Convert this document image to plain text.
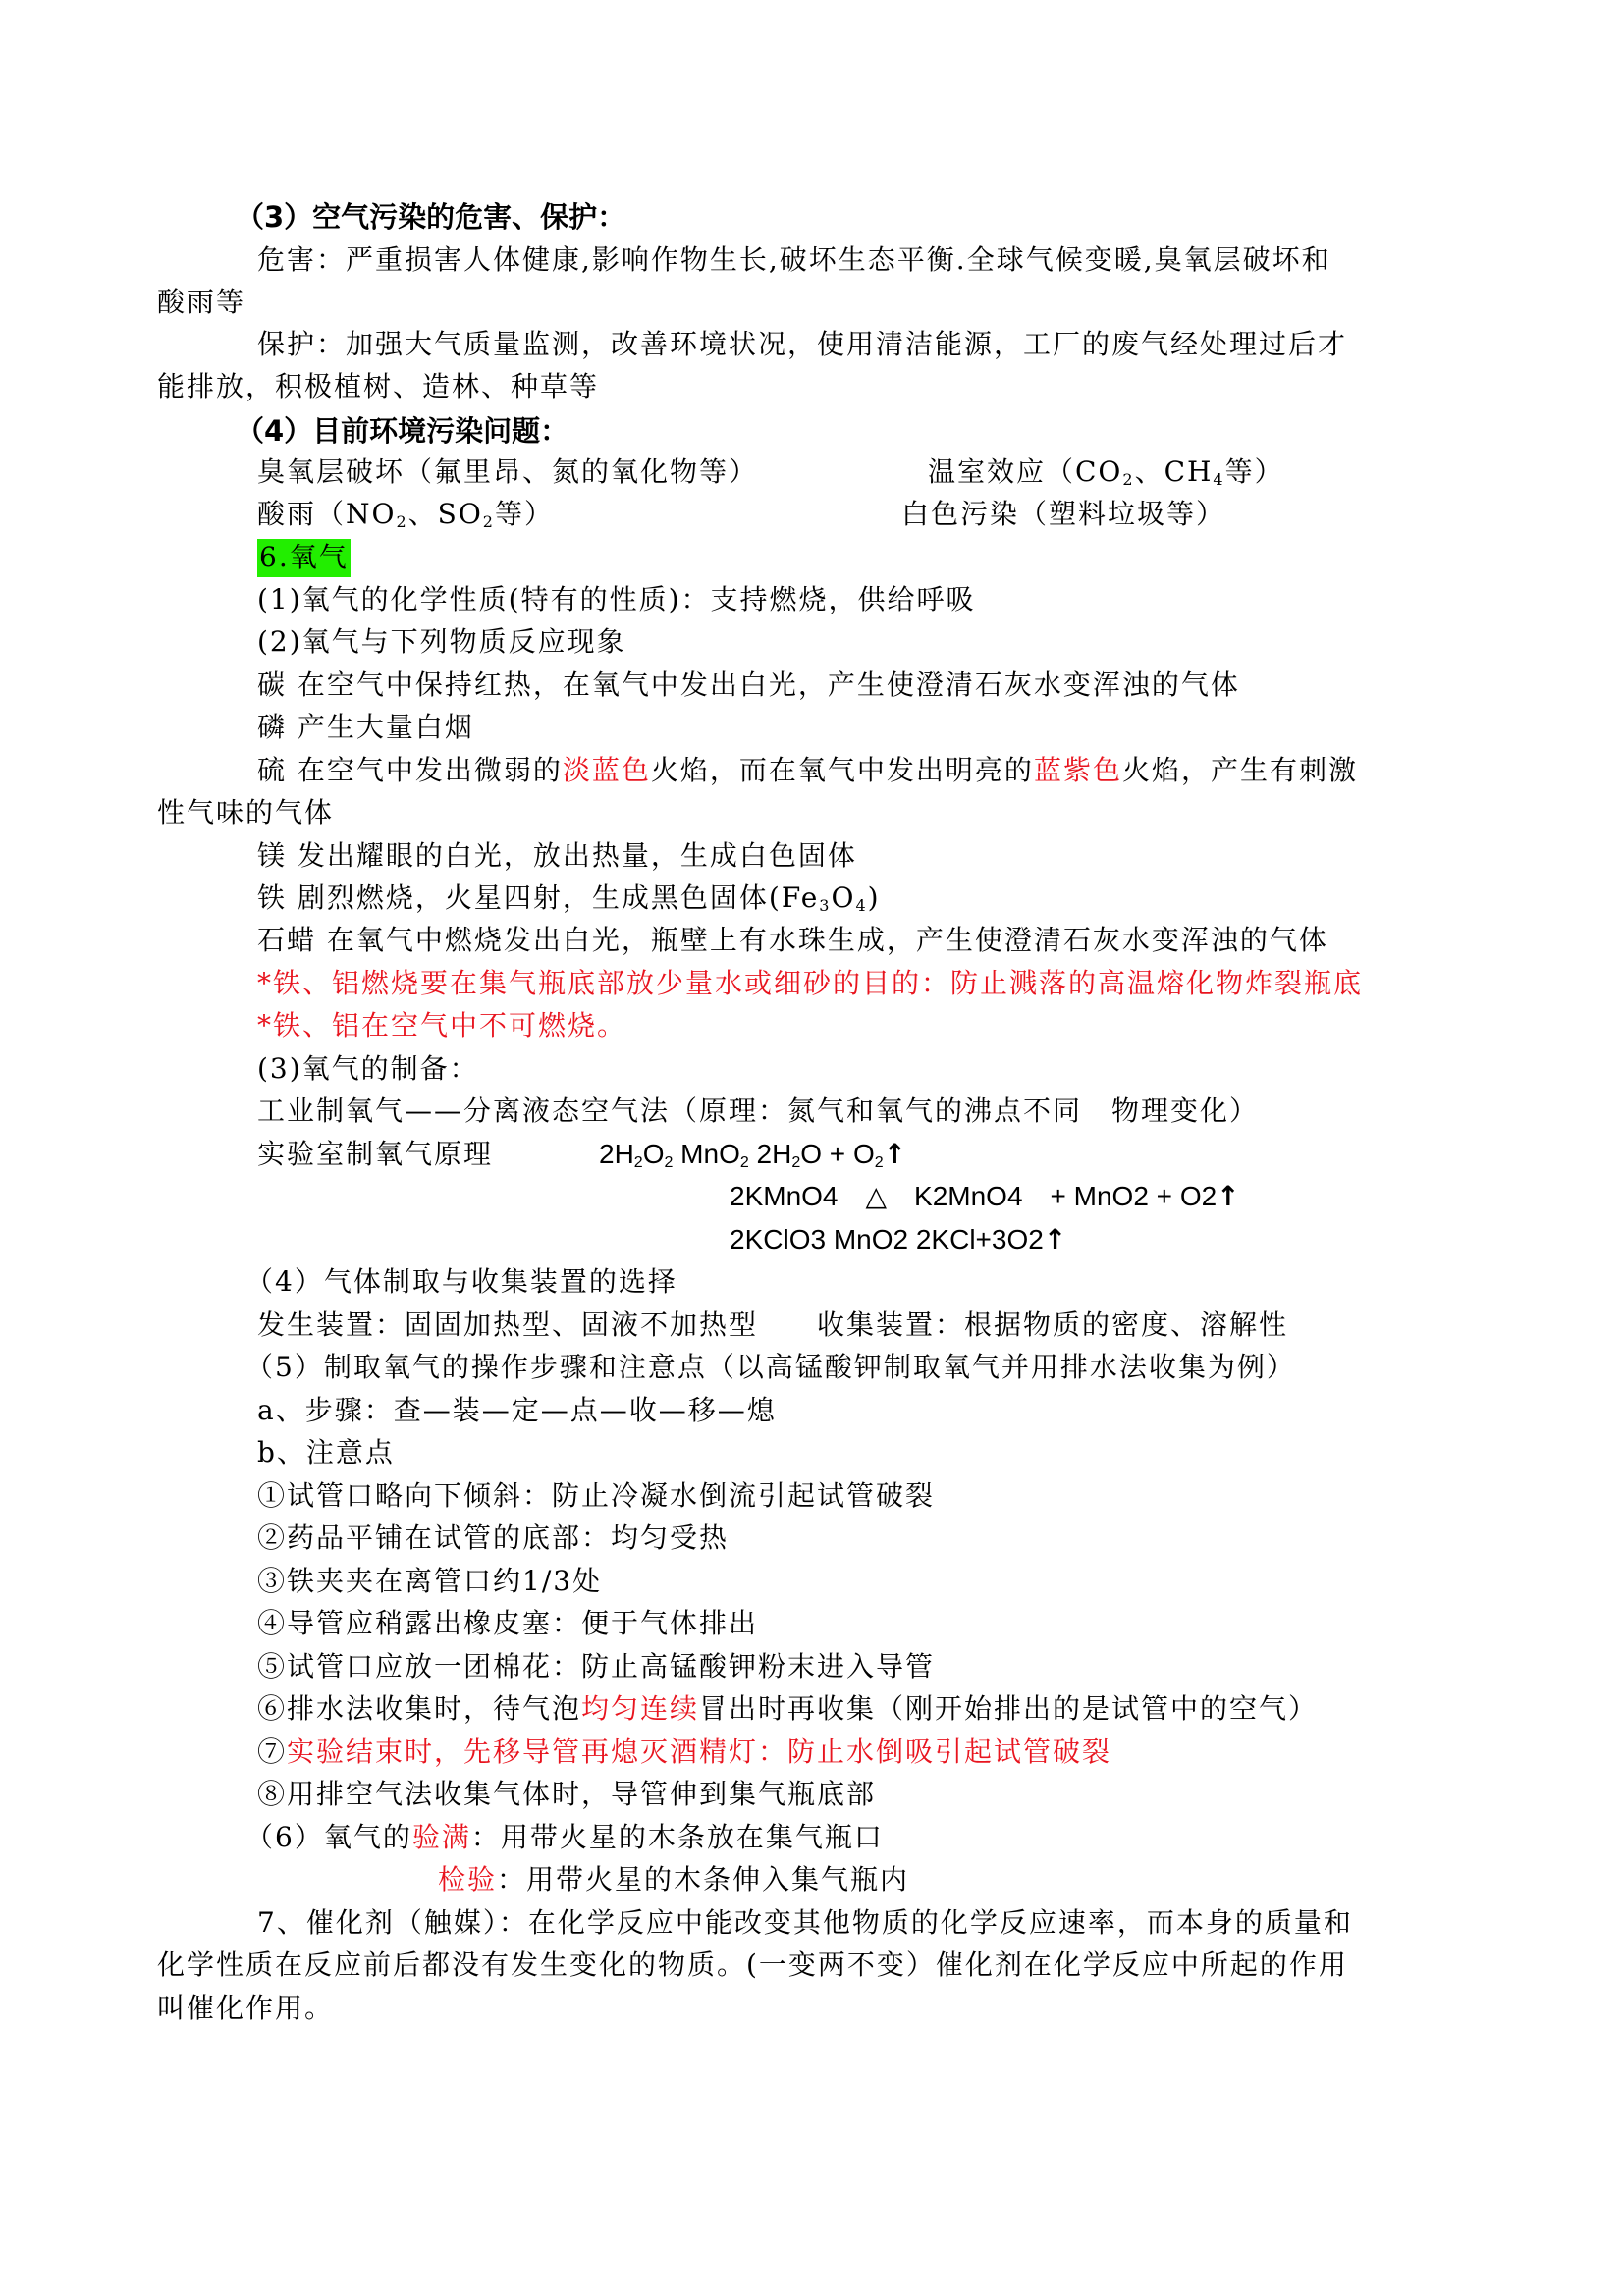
（3）空气污染的危害、保护：
危害：严重损害人体健康,影响作物生长,破坏生态平衡.全球气候变暖,臭氧层破坏和
酸雨等
保护：加强大气质量监测，改善环境状况，使用清洁能源，工厂的废气经处理过后才
能排放，积极植树、造林、种草等
（4）目前环境污染问题：
臭氧层破坏（氟里昂、氮的氧化物等）	温室效应（$CO_2$、$CH_4$等）
酸雨（$NO_2$、$SO_2$等）	白色污染（塑料垃圾等）
6.氧气
(1)氧气的化学性质(特有的性质)：支持燃烧，供给呼吸
(2)氧气与下列物质反应现象
碳 在空气中保持红热，在氧气中发出白光，产生使澄清石灰水变浑浊的气体
磷 产生大量白烟
硫 在空气中发出微弱的淡蓝色火焰，而在氧气中发出明亮的蓝紫色火焰，产生有刺激
性气味的气体
镁 发出耀眼的白光，放出热量，生成白色固体
铁 剧烈燃烧，火星四射，生成黑色固体$(Fe_3O_4)$
石蜡 在氧气中燃烧发出白光，瓶壁上有水珠生成，产生使澄清石灰水变浑浊的气体
*铁、铝燃烧要在集气瓶底部放少量水或细砂的目的：防止溅落的高温熔化物炸裂瓶底
*铁、铝在空气中不可燃烧。
(3)氧气的制备：
工业制氧气——分离液态空气法（原理：氮气和氧气的沸点不同　物理变化）
实验室制氧气原理	$2H_2O_2$ MnO$_2$ $2H_2O$ + $O_2↑$
2KMnO4　△　K2MnO4　+ MnO2 + O2↑
2KClO3 MnO2 2KCl+3O2↑
（4）气体制取与收集装置的选择
发生装置：固固加热型、固液不加热型　　收集装置：根据物质的密度、溶解性
（5）制取氧气的操作步骤和注意点（以高锰酸钾制取氧气并用排水法收集为例）
a、步骤：查—装—定—点—收—移—熄
b、注意点
①试管口略向下倾斜：防止冷凝水倒流引起试管破裂
②药品平铺在试管的底部：均匀受热
③铁夹夹在离管口约1/3处
④导管应稍露出橡皮塞：便于气体排出
⑤试管口应放一团棉花：防止高锰酸钾粉末进入导管
⑥排水法收集时，待气泡均匀连续冒出时再收集（刚开始排出的是试管中的空气）
⑦实验结束时，先移导管再熄灭酒精灯：防止水倒吸引起试管破裂
⑧用排空气法收集气体时，导管伸到集气瓶底部
（6）氧气的验满：用带火星的木条放在集气瓶口
检验：用带火星的木条伸入集气瓶内
7、催化剂（触媒）：在化学反应中能改变其他物质的化学反应速率，而本身的质量和
化学性质在反应前后都没有发生变化的物质。(一变两不变）催化剂在化学反应中所起的作用
叫催化作用。
